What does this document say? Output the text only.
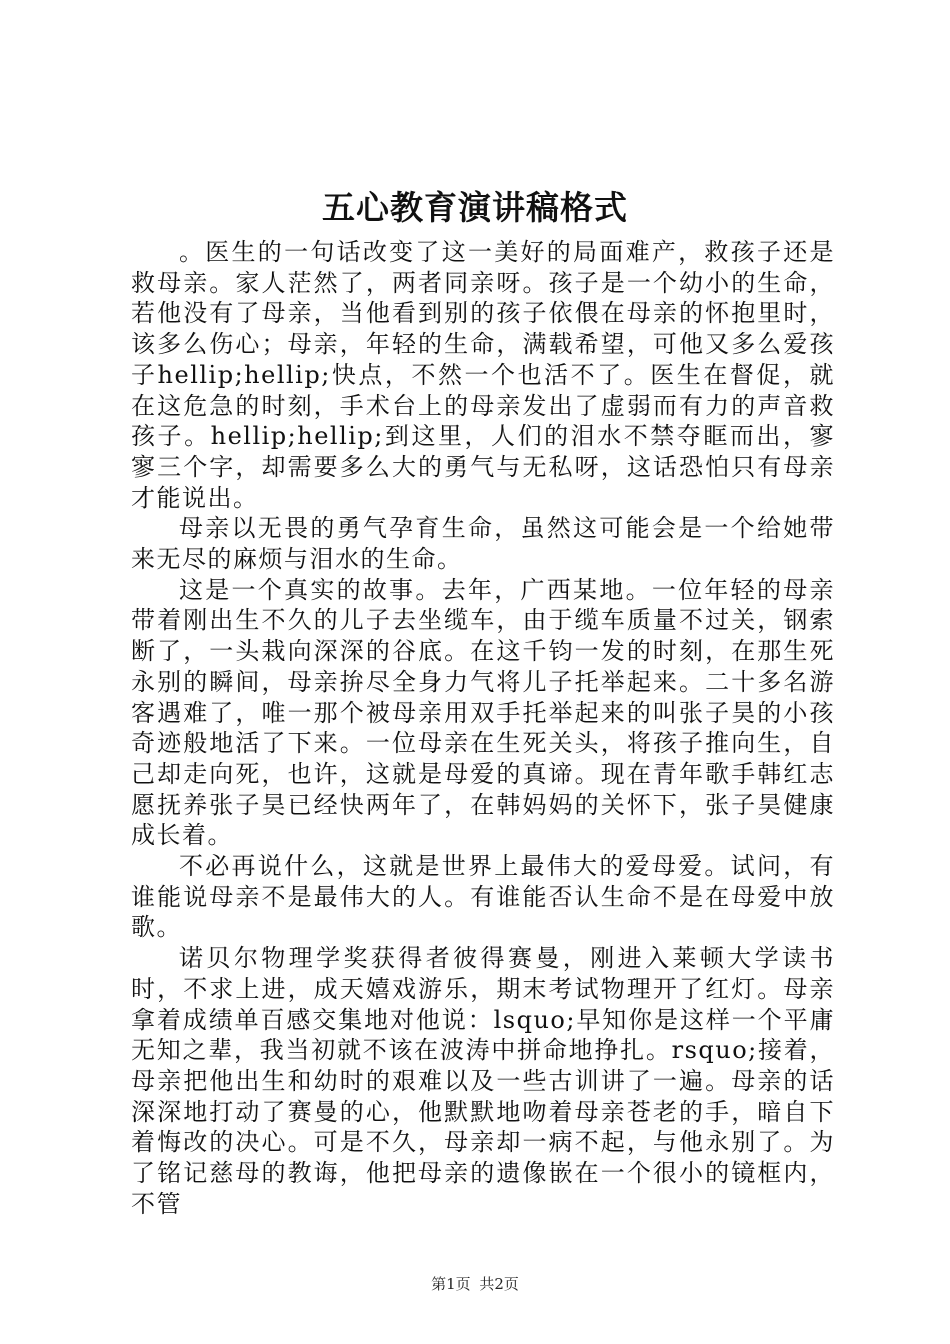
五心教育演讲稿格式

。医生的一句话改变了这一美好的局面难产，救孩子还是救母亲。家人茫然了，两者同亲呀。孩子是一个幼小的生命，若他没有了母亲，当他看到别的孩子依偎在母亲的怀抱里时，该多么伤心；母亲，年轻的生命，满载希望，可他又多么爱孩子hellip;hellip;快点，不然一个也活不了。医生在督促，就在这危急的时刻，手术台上的母亲发出了虚弱而有力的声音救孩子。hellip;hellip;到这里，人们的泪水不禁夺眶而出，寥寥三个字，却需要多么大的勇气与无私呀，这话恐怕只有母亲才能说出。

母亲以无畏的勇气孕育生命，虽然这可能会是一个给她带来无尽的麻烦与泪水的生命。

这是一个真实的故事。去年，广西某地。一位年轻的母亲带着刚出生不久的儿子去坐缆车，由于缆车质量不过关，钢索断了，一头栽向深深的谷底。在这千钧一发的时刻，在那生死永别的瞬间，母亲拚尽全身力气将儿子托举起来。二十多名游客遇难了，唯一那个被母亲用双手托举起来的叫张子昊的小孩奇迹般地活了下来。一位母亲在生死关头，将孩子推向生，自己却走向死，也许，这就是母爱的真谛。现在青年歌手韩红志愿抚养张子昊已经快两年了，在韩妈妈的关怀下，张子昊健康成长着。

不必再说什么，这就是世界上最伟大的爱母爱。试问，有谁能说母亲不是最伟大的人。有谁能否认生命不是在母爱中放歌。

诺贝尔物理学奖获得者彼得赛曼，刚进入莱顿大学读书时，不求上进，成天嬉戏游乐，期末考试物理开了红灯。母亲拿着成绩单百感交集地对他说：lsquo;早知你是这样一个平庸无知之辈，我当初就不该在波涛中拼命地挣扎。rsquo;接着，母亲把他出生和幼时的艰难以及一些古训讲了一遍。母亲的话深深地打动了赛曼的心，他默默地吻着母亲苍老的手，暗自下着悔改的决心。可是不久，母亲却一病不起，与他永别了。为了铭记慈母的教诲，他把母亲的遗像嵌在一个很小的镜框内，不管

第1页 共2页
